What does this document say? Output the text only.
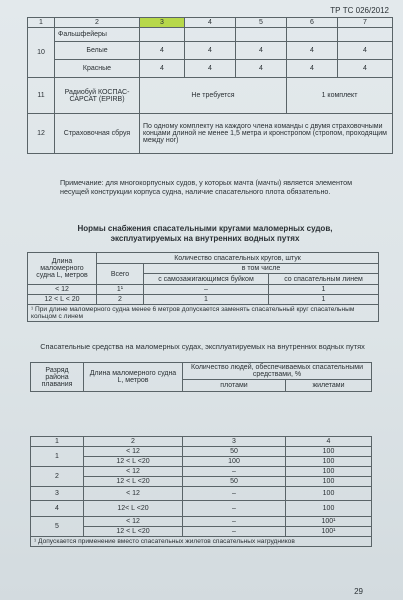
ТР ТС 026/2012
1	2	3	4	5	6	7
10	Фальшфейеры					
	Белые	4	4	4	4	4
	Красные	4	4	4	4	4
11	Радиобуй КОСПАС-САРСАТ (EPIRB)	Не требуется			1 комплект	
12	Страховочная сбруя	По одному комплекту на каждого члена команды с двумя страховочными концами длиной не менее 1,5 метра и кронстропом (стропом, проходящим между ног)				
Примечание: для многокорпусных судов, у которых мачта (мачты) является элементом несущей конструкции корпуса судна, наличие спасательного плота обязательно.
Нормы снабжения спасательными кругами маломерных судов, эксплуатируемых на внутренних водных путях
Длина маломерного судна L, метров	Количество спасательных кругов, штук		
	Всего	в том числе	
		с самозажигающимся буйком	со спасательным линем
< 12	1¹	–	1
12 < L < 20	2	1	1
¹ При длине маломерного судна менее 6 метров допускается заменять спасательный круг спасательным кольцом с линем			
Спасательные средства на маломерных судах, эксплуатируемых на внутренних водных путях
Разряд района плавания	Длина маломерного судна L, метров	Количество людей, обеспечиваемых спасательными средствами, %	
		плотами	жилетами
1	2	3	4
1	< 12	50	100
	12 < L <20	100	100
2	< 12	–	100
	12 < L <20	50	100
3	< 12	–	100
4	12< L <20	–	100
5	< 12	–	100¹
	12 < L <20	–	100¹
¹ Допускается применение вместо спасательных жилетов спасательных нагрудников			
29
